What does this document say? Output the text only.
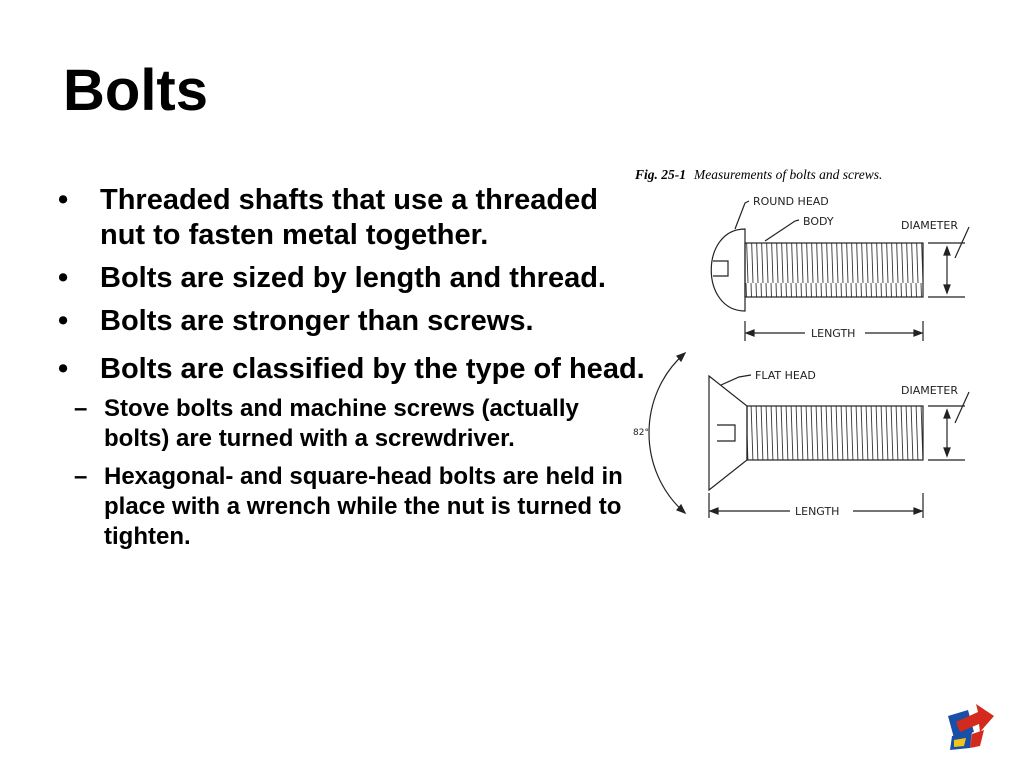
Bolts
• Threaded shafts that use a threaded nut to fasten metal together.
• Bolts are sized by length and thread.
• Bolts are stronger than screws.
• Bolts are classified by the type of head.
– Stove bolts and machine screws (actually bolts) are turned with a screwdriver.
– Hexagonal- and square-head bolts are held in place with a wrench while the nut is turned to tighten.
Fig. 25-1 Measurements of bolts and screws.
ROUND HEAD
BODY	DIAMETER
LENGTH
FLAT HEAD
DIAMETER
82°
LENGTH
